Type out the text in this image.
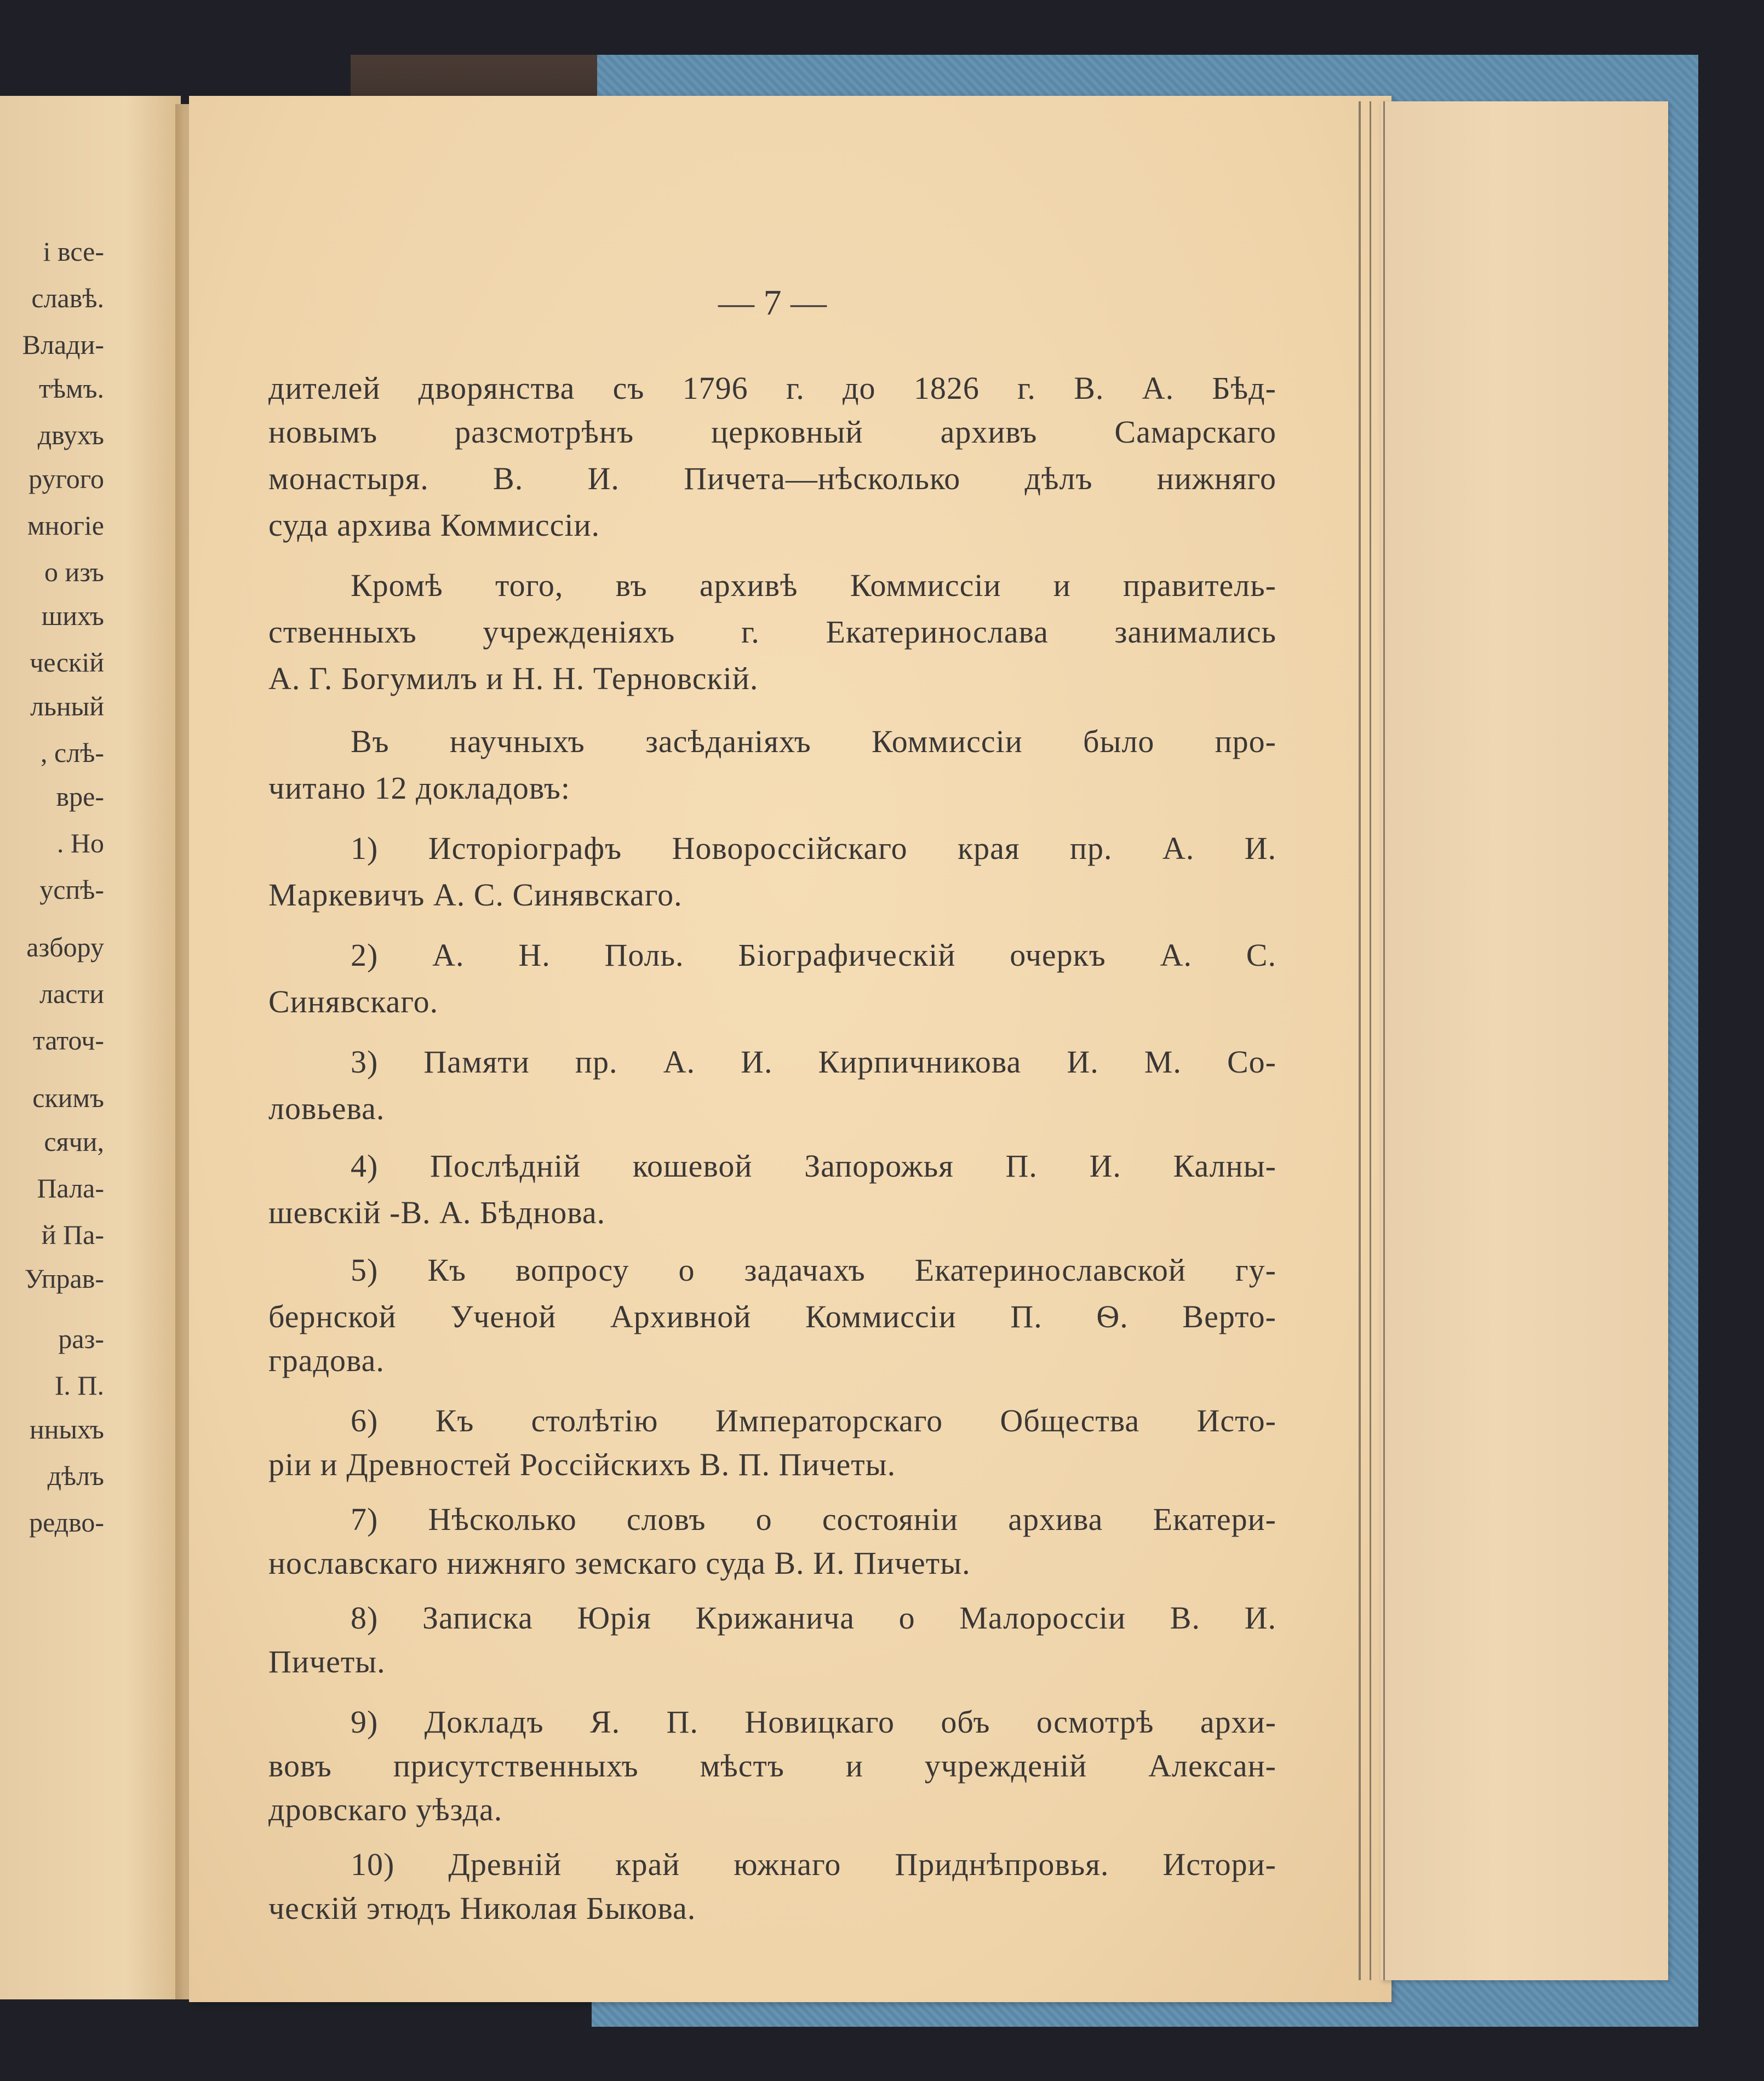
і все-
славѣ.
Влади-
тѣмъ.
двухъ
ругого
многіе
о изъ
шихъ
ческій
льный
, слѣ-
вре-
. Но
успѣ-
азбору
ласти
таточ-
скимъ
сячи,
Пала-
й Па-
Управ-
раз-
I. П.
нныхъ
дѣлъ
редво-
— 7 —
дителей дворянства съ 1796 г. до 1826 г. В. А. Бѣд-
новымъ разсмотрѣнъ церковный архивъ Самарскаго
монастыря. В. И. Пичета—нѣсколько дѣлъ нижняго
суда архива Коммиссіи.
Кромѣ того, въ архивѣ Коммиссіи и правитель-
ственныхъ учрежденіяхъ г. Екатеринослава занимались
А. Г. Богумилъ и Н. Н. Терновскій.
Въ научныхъ засѣданіяхъ Коммиссіи было про-
читано 12 докладовъ:
1) Исторіографъ Новороссійскаго края пр. А. И.
Маркевичъ А. С. Синявскаго.
2) А. Н. Поль. Біографическій очеркъ А. С.
Синявскаго.
3) Памяти пр. А. И. Кирпичникова И. М. Со-
ловьева.
4) Послѣдній кошевой Запорожья П. И. Калны-
шевскій -В. А. Бѣднова.
5) Къ вопросу о задачахъ Екатеринославской гу-
бернской Ученой Архивной Коммиссіи П. Ѳ. Верто-
градова.
6) Къ столѣтію Императорскаго Общества Исто-
ріи и Древностей Россійскихъ В. П. Пичеты.
7) Нѣсколько словъ о состояніи архива Екатери-
нославскаго нижняго земскаго суда В. И. Пичеты.
8) Записка Юрія Крижанича о Малороссіи В. И.
Пичеты.
9) Докладъ Я. П. Новицкаго объ осмотрѣ архи-
вовъ присутственныхъ мѣстъ и учрежденій Алексан-
дровскаго уѣзда.
10) Древній край южнаго Приднѣпровья. Истори-
ческій этюдъ Николая Быкова.
